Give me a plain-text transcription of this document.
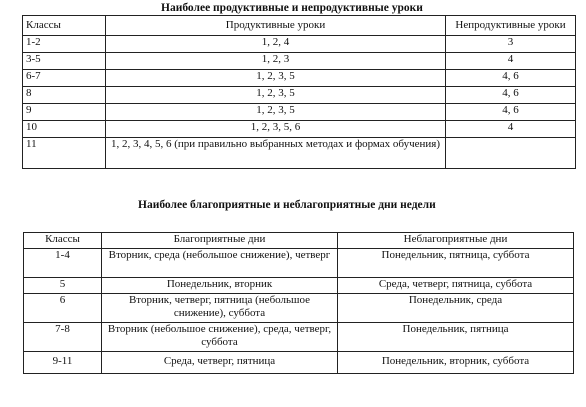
Наиболее продуктивные и непродуктивные уроки
Классы	Продуктивные уроки	Непродуктивные уроки
1-2	1, 2, 4	3
3-5	1, 2, 3	4
6-7	1, 2, 3, 5	4, 6
8	1, 2, 3, 5	4, 6
9	1, 2, 3, 5	4, 6
10	1, 2, 3, 5, 6	4
11	1, 2, 3, 4, 5, 6 (при правильно выбранных методах и формах обучения)	
Наиболее благоприятные и неблагоприятные дни недели
Классы	Благоприятные дни	Неблагоприятные дни
1-4	Вторник, среда (небольшое снижение), четверг	Понедельник, пятница, суббота
5	Понедельник, вторник	Среда, четверг, пятница, суббота
6	Вторник, четверг, пятница (небольшое снижение), суббота	Понедельник, среда
7-8	Вторник (небольшое снижение), среда, четверг, суббота	Понедельник, пятница
9-11	Среда, четверг, пятница	Понедельник, вторник, суббота
